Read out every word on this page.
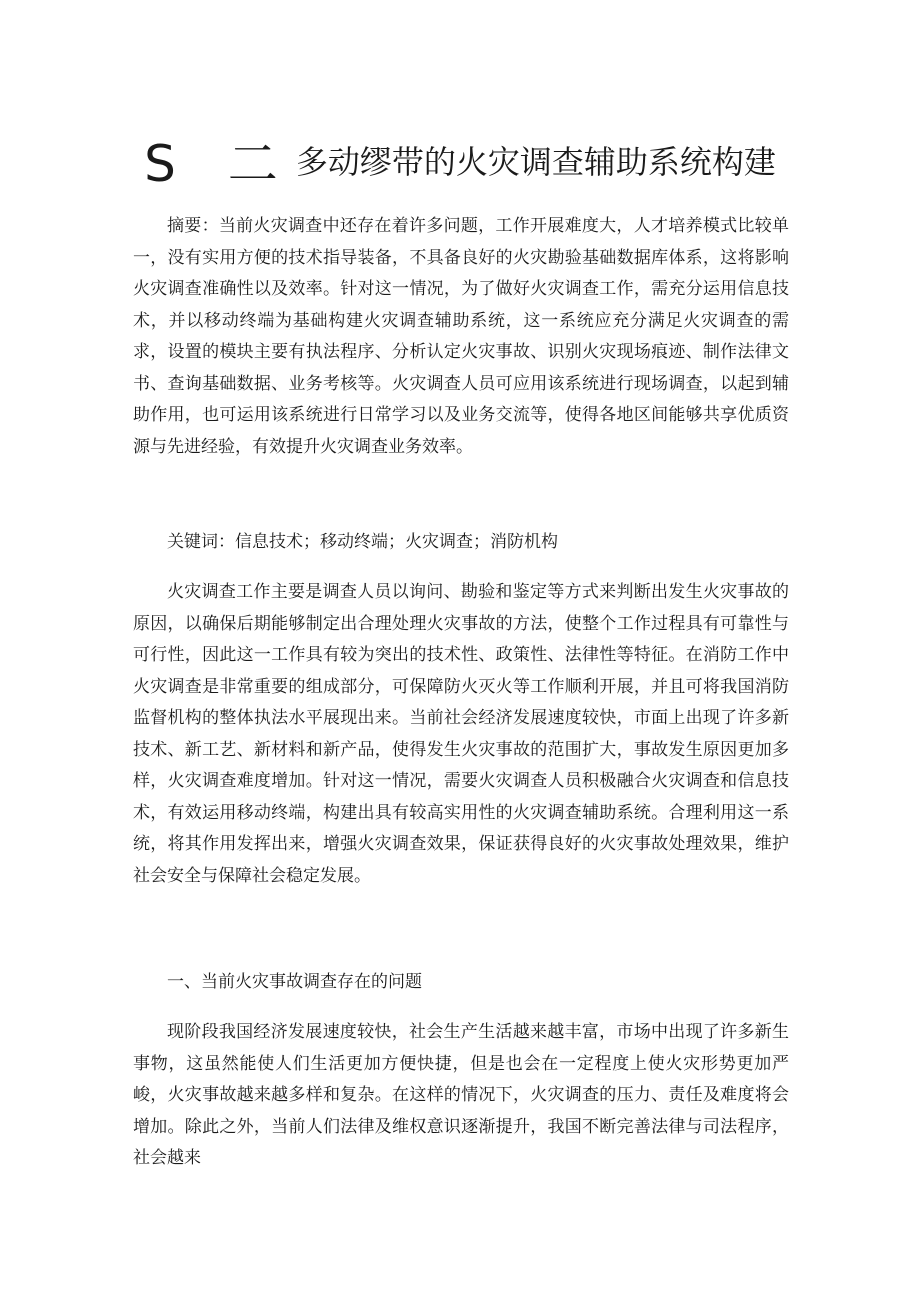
S 二多动缪带的火灾调查辅助系统构建

摘要：当前火灾调查中还存在着许多问题，工作开展难度大，人才培养模式比较单一，没有实用方便的技术指导装备，不具备良好的火灾勘验基础数据库体系，这将影响火灾调查准确性以及效率。针对这一情况，为了做好火灾调查工作，需充分运用信息技术，并以移动终端为基础构建火灾调查辅助系统，这一系统应充分满足火灾调查的需求，设置的模块主要有执法程序、分析认定火灾事故、识别火灾现场痕迹、制作法律文书、查询基础数据、业务考核等。火灾调查人员可应用该系统进行现场调查，以起到辅助作用，也可运用该系统进行日常学习以及业务交流等，使得各地区间能够共享优质资源与先进经验，有效提升火灾调查业务效率。

关键词：信息技术；移动终端；火灾调查；消防机构

火灾调查工作主要是调查人员以询问、勘验和鉴定等方式来判断出发生火灾事故的原因，以确保后期能够制定出合理处理火灾事故的方法，使整个工作过程具有可靠性与可行性，因此这一工作具有较为突出的技术性、政策性、法律性等特征。在消防工作中火灾调查是非常重要的组成部分，可保障防火灭火等工作顺利开展，并且可将我国消防监督机构的整体执法水平展现出来。当前社会经济发展速度较快，市面上出现了许多新技术、新工艺、新材料和新产品，使得发生火灾事故的范围扩大，事故发生原因更加多样，火灾调查难度增加。针对这一情况，需要火灾调查人员积极融合火灾调查和信息技术，有效运用移动终端，构建出具有较高实用性的火灾调查辅助系统。合理利用这一系统，将其作用发挥出来，增强火灾调查效果，保证获得良好的火灾事故处理效果，维护社会安全与保障社会稳定发展。

一、当前火灾事故调查存在的问题

现阶段我国经济发展速度较快，社会生产生活越来越丰富，市场中出现了许多新生事物，这虽然能使人们生活更加方便快捷，但是也会在一定程度上使火灾形势更加严峻，火灾事故越来越多样和复杂。在这样的情况下，火灾调查的压力、责任及难度将会增加。除此之外，当前人们法律及维权意识逐渐提升，我国不断完善法律与司法程序，社会越来
